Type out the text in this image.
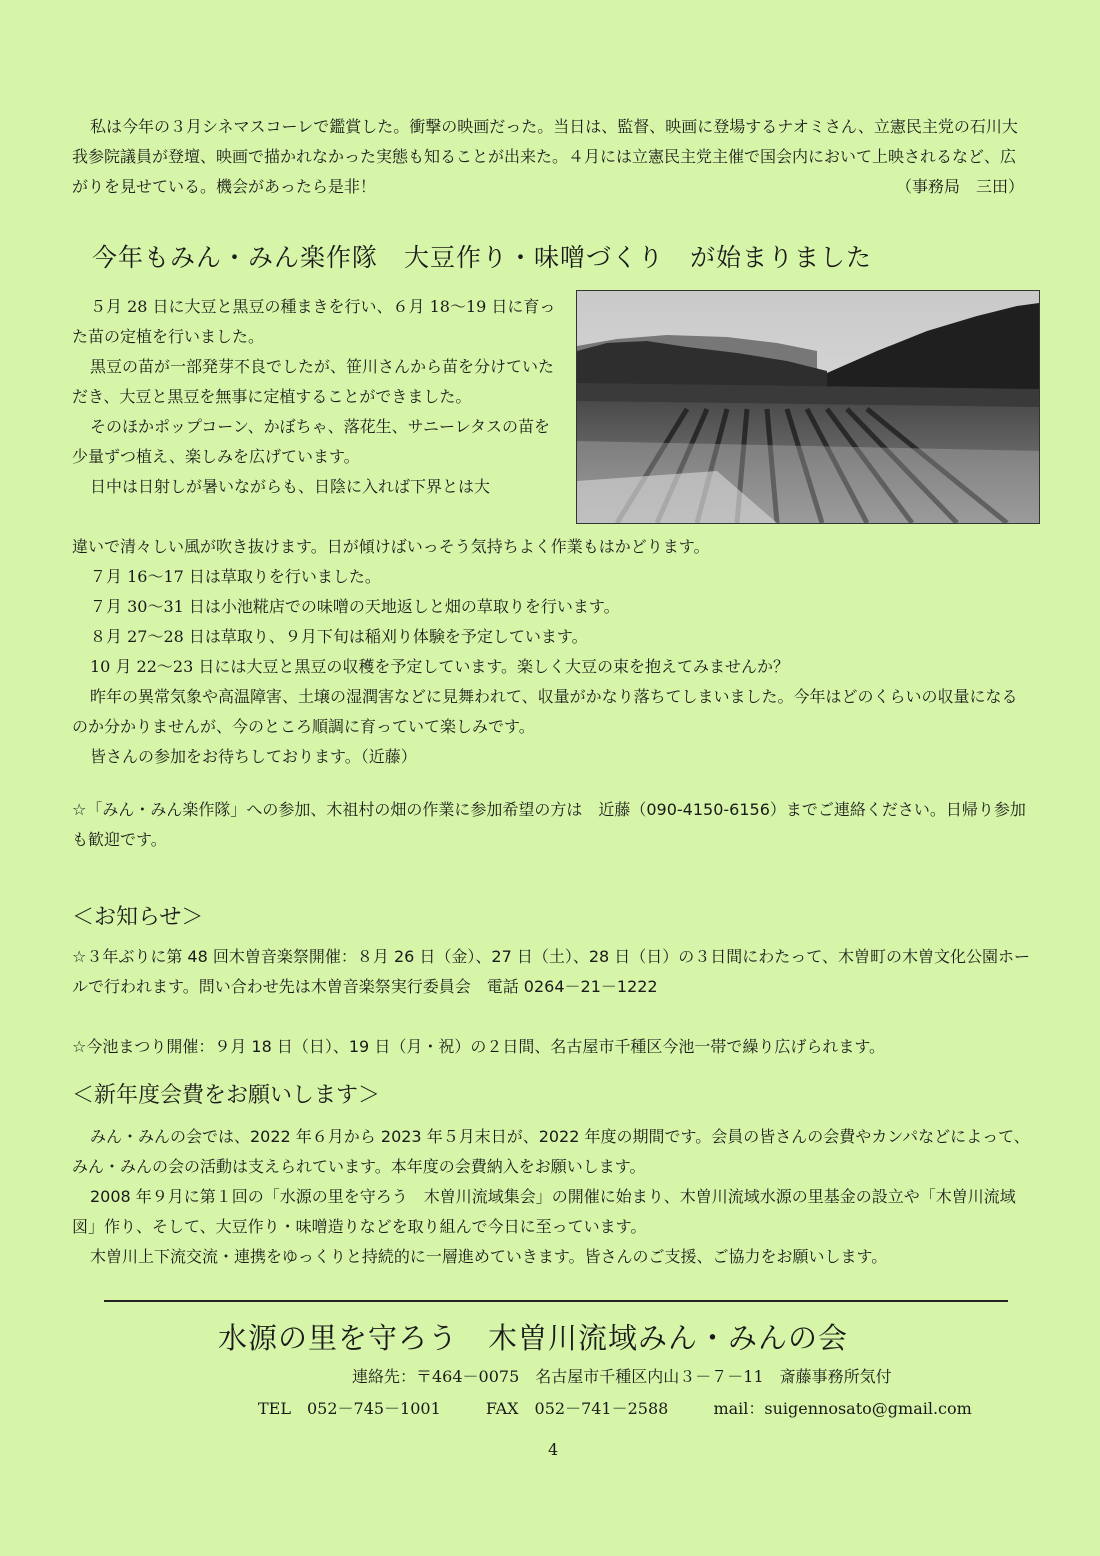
私は今年の３月シネマスコーレで鑑賞した。衝撃の映画だった。当日は、監督、映画に登場するナオミさん、立憲民主党の石川大我参院議員が登壇、映画で描かれなかった実態も知ることが出来た。４月には立憲民主党主催で国会内において上映されるなど、広がりを見せている。機会があったら是非！	（事務局　三田）

今年もみん・みん楽作隊　大豆作り・味噌づくり　が始まりました

５月 28 日に大豆と黒豆の種まきを行い、６月 18～19 日に育った苗の定植を行いました。

黒豆の苗が一部発芽不良でしたが、笹川さんから苗を分けていただき、大豆と黒豆を無事に定植することができました。

そのほかポップコーン、かぼちゃ、落花生、サニーレタスの苗を少量ずつ植え、楽しみを広げています。

日中は日射しが暑いながらも、日陰に入れば下界とは大

違いで清々しい風が吹き抜けます。日が傾けばいっそう気持ちよく作業もはかどります。

７月 16～17 日は草取りを行いました。

７月 30～31 日は小池糀店での味噌の天地返しと畑の草取りを行います。

８月 27～28 日は草取り、９月下旬は稲刈り体験を予定しています。

10 月 22～23 日には大豆と黒豆の収穫を予定しています。楽しく大豆の束を抱えてみませんか？

昨年の異常気象や高温障害、土壌の湿潤害などに見舞われて、収量がかなり落ちてしまいました。今年はどのくらいの収量になるのか分かりませんが、今のところ順調に育っていて楽しみです。

皆さんの参加をお待ちしております。（近藤）

☆「みん・みん楽作隊」への参加、木祖村の畑の作業に参加希望の方は　近藤（090-4150-6156）までご連絡ください。日帰り参加も歓迎です。
＜お知らせ＞
☆３年ぶりに第 48 回木曽音楽祭開催：８月 26 日（金）、27 日（土）、28 日（日）の３日間にわたって、木曽町の木曽文化公園ホールで行われます。問い合わせ先は木曽音楽祭実行委員会　電話 0264－21－1222
☆今池まつり開催：９月 18 日（日）、19 日（月・祝）の２日間、名古屋市千種区今池一帯で繰り広げられます。
＜新年度会費をお願いします＞

みん・みんの会では、2022 年６月から 2023 年５月末日が、2022 年度の期間です。会員の皆さんの会費やカンパなどによって、みん・みんの会の活動は支えられています。本年度の会費納入をお願いします。

2008 年９月に第１回の「水源の里を守ろう　木曽川流域集会」の開催に始まり、木曽川流域水源の里基金の設立や「木曽川流域図」作り、そして、大豆作り・味噌造りなどを取り組んで今日に至っています。

木曽川上下流交流・連携をゆっくりと持続的に一層進めていきます。皆さんのご支援、ご協力をお願いします。

水源の里を守ろう　木曽川流域みん・みんの会
連絡先：〒464－0075　名古屋市千種区内山３－７－11　斎藤事務所気付
TEL　052－745－1001	FAX　052－741－2588	mail：suigennosato@gmail.com
4
